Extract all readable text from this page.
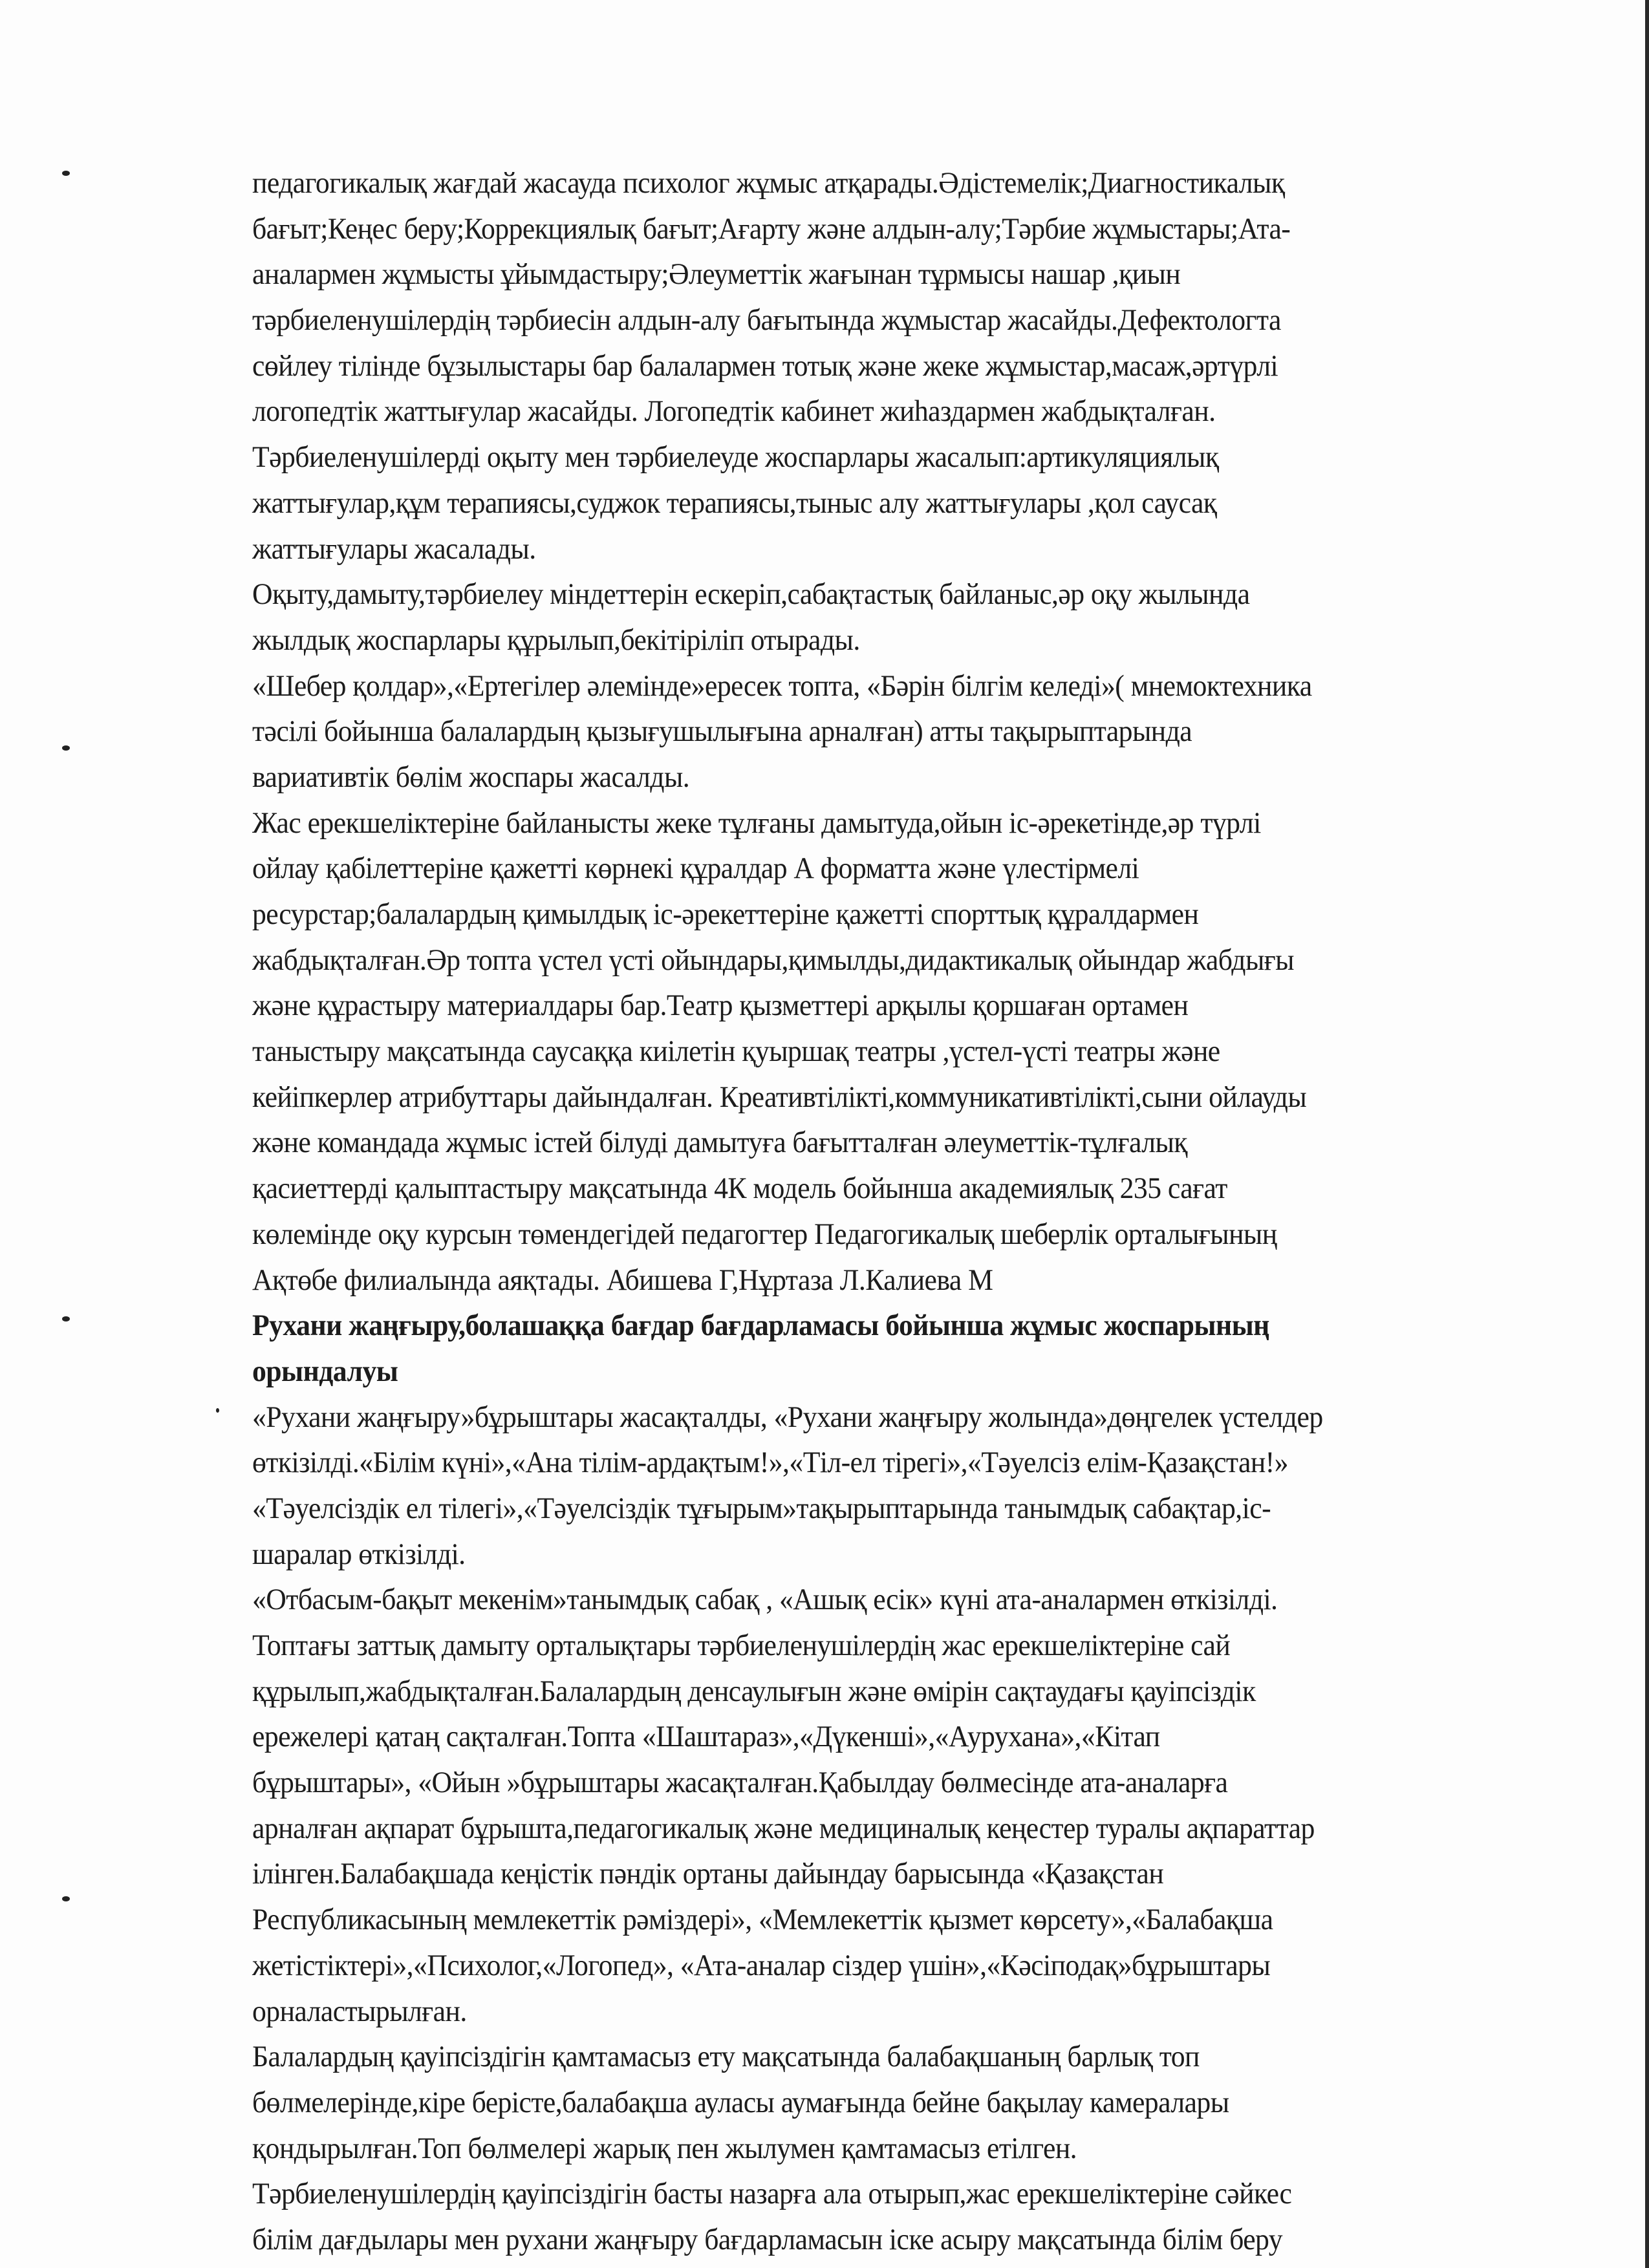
педагогикалық жағдай жасауда психолог жұмыс атқарады.Әдістемелік;Диагностикалық
бағыт;Кеңес беру;Коррекциялық бағыт;Ағарту және алдын-алу;Тәрбие жұмыстары;Ата-
аналармен жұмысты ұйымдастыру;Әлеуметтік жағынан тұрмысы нашар ,қиын
тәрбиеленушілердің тәрбиесін алдын-алу бағытында жұмыстар жасайды.Дефектологта
сөйлеу тілінде бұзылыстары бар балалармен тотық және жеке жұмыстар,масаж,әртүрлі
логопедтік жаттығулар жасайды. Логопедтік кабинет жиһаздармен жабдықталған.
Тәрбиеленушілерді оқыту мен тәрбиелеуде жоспарлары жасалып:артикуляциялық
жаттығулар,құм терапиясы,суджок терапиясы,тыныс алу жаттығулары ,қол саусақ
жаттығулары жасалады.
Оқыту,дамыту,тәрбиелеу міндеттерін ескеріп,сабақтастық байланыс,әр оқу жылында
жылдық жоспарлары құрылып,бекітіріліп отырады.
«Шебер қолдар»,«Ертегілер әлемінде»ересек топта, «Бәрін білгім келеді»( мнемоктехника
тәсілі бойынша балалардың қызығушылығына арналған) атты тақырыптарында
вариативтік бөлім жоспары жасалды.
Жас ерекшеліктеріне байланысты жеке тұлғаны дамытуда,ойын іс-әрекетінде,әр түрлі
ойлау қабілеттеріне қажетті көрнекі құралдар А форматта және үлестірмелі
ресурстар;балалардың қимылдық іс-әрекеттеріне қажетті спорттық құралдармен
жабдықталған.Әр топта үстел үсті ойындары,қимылды,дидактикалық ойындар жабдығы
және құрастыру материалдары бар.Театр қызметтері арқылы қоршаған ортамен
таныстыру мақсатында саусаққа киілетін қуыршақ театры ,үстел-үсті театры және
кейіпкерлер атрибуттары дайындалған. Креативтілікті,коммуникативтілікті,сыни ойлауды
және командада жұмыс істей білуді дамытуға бағытталған әлеуметтік-тұлғалық
қасиеттерді қалыптастыру мақсатында 4К модель бойынша академиялық 235 сағат
көлемінде оқу курсын төмендегідей педагогтер Педагогикалық шеберлік орталығының
Ақтөбе филиалында аяқтады. Абишева Г,Нұртаза Л.Калиева М
Рухани жаңғыру,болашаққа бағдар бағдарламасы бойынша жұмыс жоспарының
орындалуы
«Рухани жаңғыру»бұрыштары жасақталды, «Рухани жаңғыру жолында»дөңгелек үстелдер
өткізілді.«Білім күні»,«Ана тілім-ардақтым!»,«Тіл-ел тірегі»,«Тәуелсіз елім-Қазақстан!»
«Тәуелсіздік ел тілегі»,«Тәуелсіздік тұғырым»тақырыптарында танымдық сабақтар,іс-
шаралар өткізілді.
«Отбасым-бақыт мекенім»танымдық сабақ , «Ашық есік» күні ата-аналармен өткізілді.
Топтағы заттық дамыту орталықтары тәрбиеленушілердің жас ерекшеліктеріне сай
құрылып,жабдықталған.Балалардың денсаулығын және өмірін сақтаудағы қауіпсіздік
ережелері қатаң сақталған.Топта «Шаштараз»,«Дүкенші»,«Аурухана»,«Кітап
бұрыштары», «Ойын »бұрыштары жасақталған.Қабылдау бөлмесінде ата-аналарға
арналған ақпарат бұрышта,педагогикалық және медициналық кеңестер туралы ақпараттар
ілінген.Балабақшада кеңістік пәндік ортаны дайындау барысында «Қазақстан
Республикасының мемлекеттік рәміздері», «Мемлекеттік қызмет көрсету»,«Балабақша
жетістіктері»,«Психолог,«Логопед», «Ата-аналар сіздер үшін»,«Кәсіподақ»бұрыштары
орналастырылған.
Балалардың қауіпсіздігін қамтамасыз ету мақсатында балабақшаның барлық топ
бөлмелерінде,кіре берісте,балабақша ауласы аумағында бейне бақылау камералары
қондырылған.Топ бөлмелері жарық пен жылумен қамтамасыз етілген.
Тәрбиеленушілердің қауіпсіздігін басты назарға ала отырып,жас ерекшеліктеріне сәйкес
білім дағдылары мен рухани жаңғыру бағдарламасын іске асыру мақсатында білім беру
